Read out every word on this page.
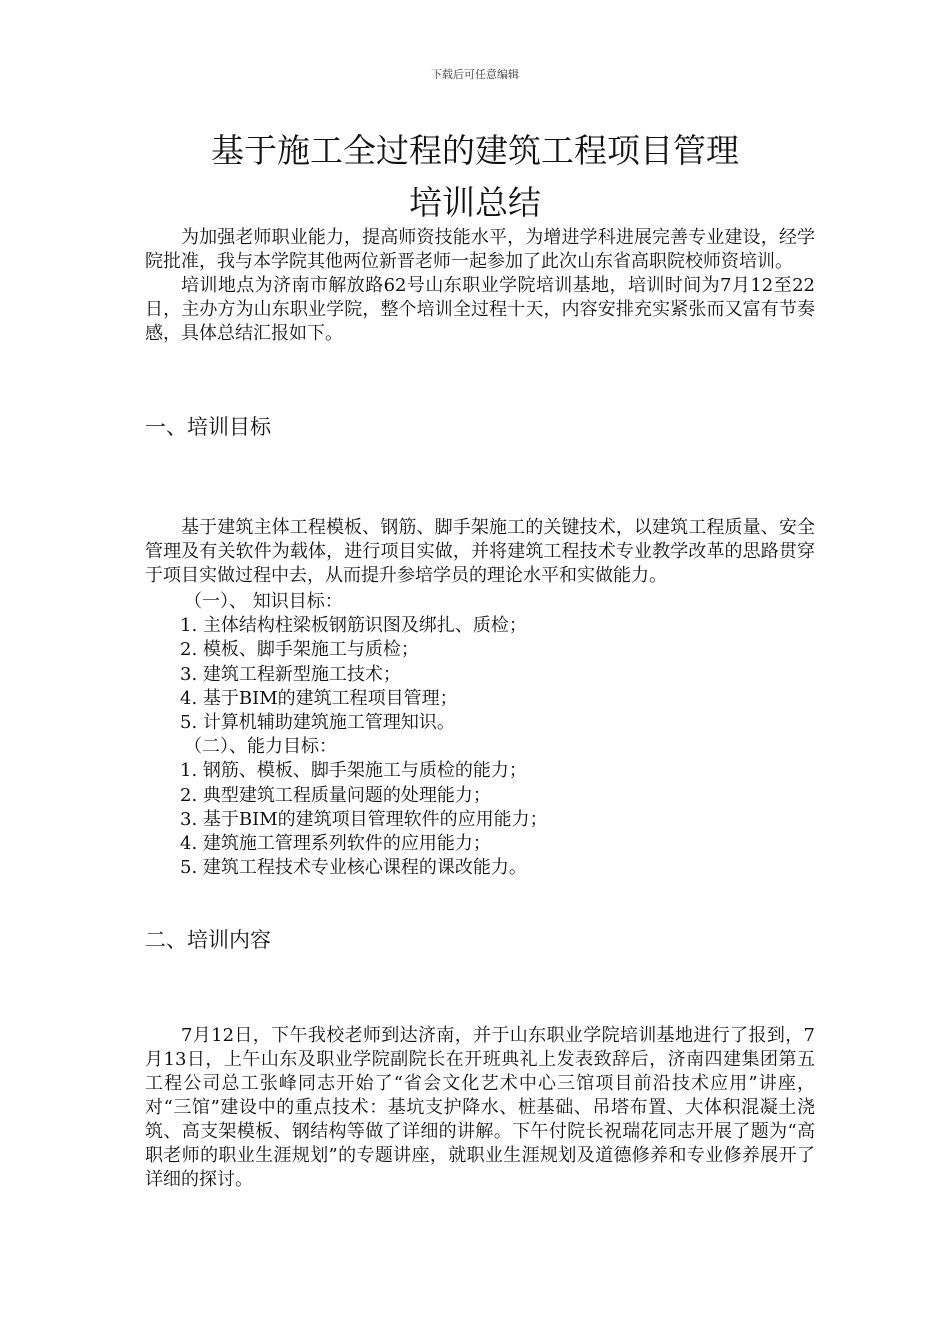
下载后可任意编辑
基于施工全过程的建筑工程项目管理
培训总结

为加强老师职业能力，提高师资技能水平，为增进学科进展完善专业建设，经学院批准，我与本学院其他两位新晋老师一起参加了此次山东省高职院校师资培训。

培训地点为济南市解放路62号山东职业学院培训基地，培训时间为7月12至22日，主办方为山东职业学院，整个培训全过程十天，内容安排充实紧张而又富有节奏感，具体总结汇报如下。

一、培训目标

基于建筑主体工程模板、钢筋、脚手架施工的关键技术，以建筑工程质量、安全管理及有关软件为载体，进行项目实做，并将建筑工程技术专业教学改革的思路贯穿于项目实做过程中去，从而提升参培学员的理论水平和实做能力。

（一）、 知识目标：

1. 主体结构柱梁板钢筋识图及绑扎、质检；

2. 模板、脚手架施工与质检；

3. 建筑工程新型施工技术；

4. 基于BIM的建筑工程项目管理；

5. 计算机辅助建筑施工管理知识。

（二）、能力目标：

1. 钢筋、模板、脚手架施工与质检的能力；

2. 典型建筑工程质量问题的处理能力；

3. 基于BIM的建筑项目管理软件的应用能力；

4. 建筑施工管理系列软件的应用能力；

5. 建筑工程技术专业核心课程的课改能力。

二、培训内容

7月12日，下午我校老师到达济南，并于山东职业学院培训基地进行了报到，7月13日，上午山东及职业学院副院长在开班典礼上发表致辞后，济南四建集团第五工程公司总工张峰同志开始了“省会文化艺术中心三馆项目前沿技术应用”讲座，对“三馆”建设中的重点技术：基坑支护降水、桩基础、吊塔布置、大体积混凝土浇筑、高支架模板、钢结构等做了详细的讲解。下午付院长祝瑞花同志开展了题为“高职老师的职业生涯规划”的专题讲座，就职业生涯规划及道德修养和专业修养展开了详细的探讨。
